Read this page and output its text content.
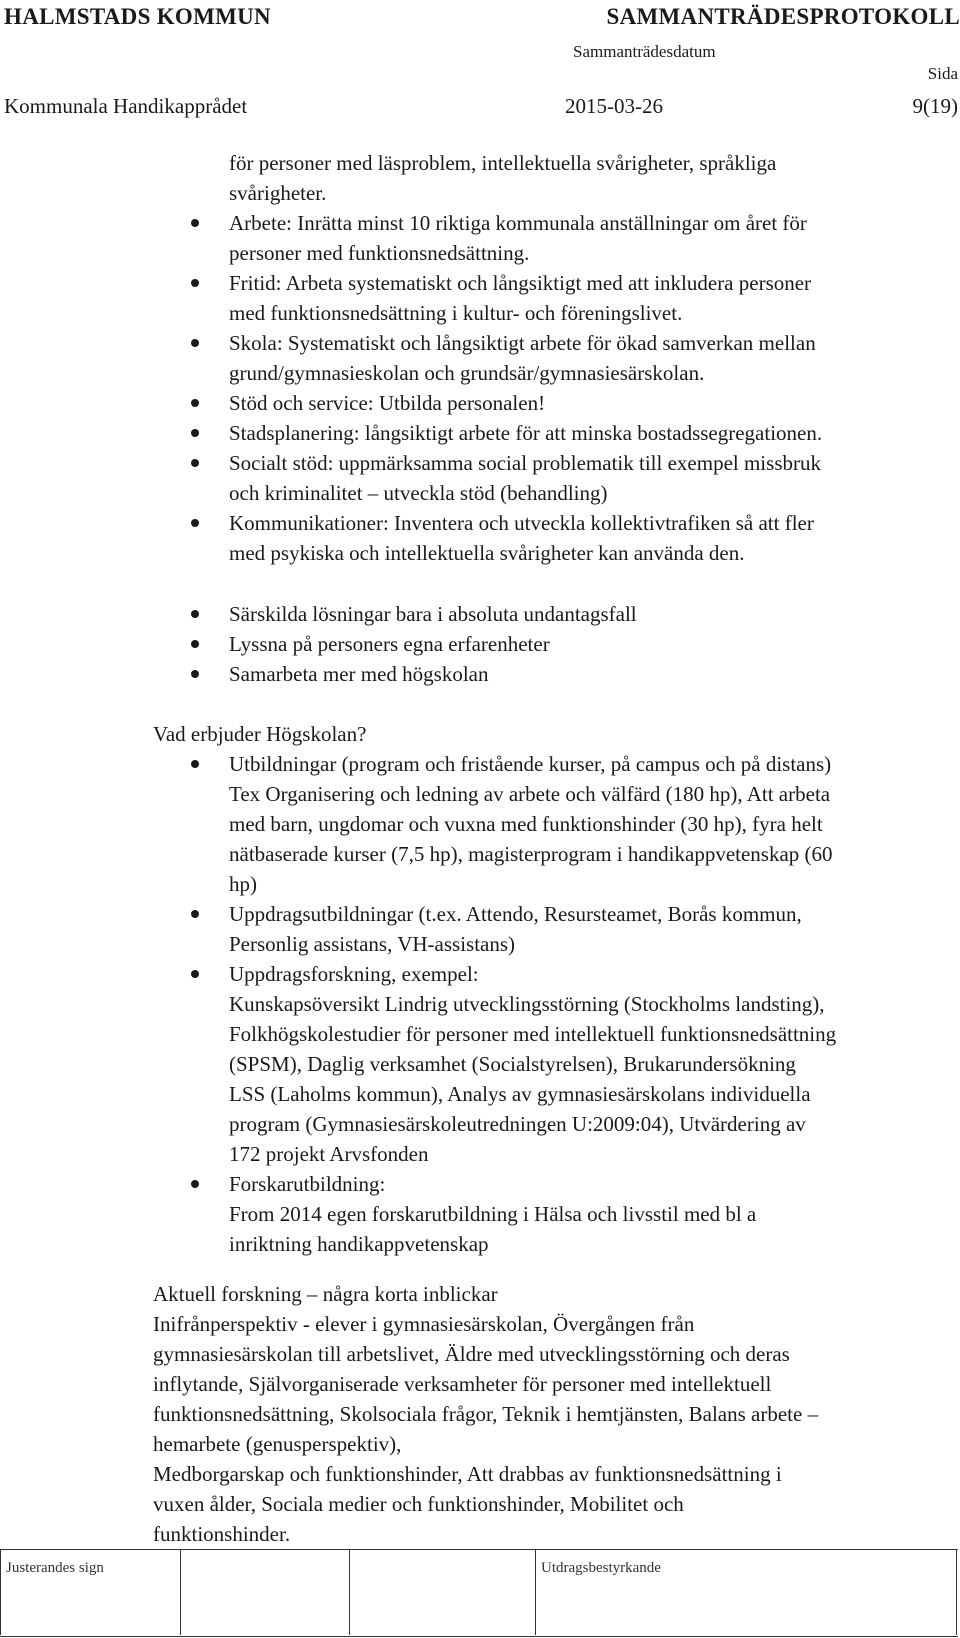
HALMSTADS KOMMUN	SAMMANTRÄDESPROTOKOLL
Sammanträdesdatum
Sida
Kommunala Handikapprådet	2015-03-26	9(19)
för personer med läsproblem, intellektuella svårigheter, språkliga
svårigheter.
Arbete: Inrätta minst 10 riktiga kommunala anställningar om året för
personer med funktionsnedsättning.
Fritid: Arbeta systematiskt och långsiktigt med att inkludera personer
med funktionsnedsättning i kultur- och föreningslivet.
Skola: Systematiskt och långsiktigt arbete för ökad samverkan mellan
grund/gymnasieskolan och grundsär/gymnasiesärskolan.
Stöd och service: Utbilda personalen!
Stadsplanering: långsiktigt arbete för att minska bostadssegregationen.
Socialt stöd: uppmärksamma social problematik till exempel missbruk
och kriminalitet – utveckla stöd (behandling)
Kommunikationer: Inventera och utveckla kollektivtrafiken så att fler
med psykiska och intellektuella svårigheter kan använda den.
Särskilda lösningar bara i absoluta undantagsfall
Lyssna på personers egna erfarenheter
Samarbeta mer med högskolan
Vad erbjuder Högskolan?
Utbildningar (program och fristående kurser, på campus och på distans)
Tex Organisering och ledning av arbete och välfärd (180 hp), Att arbeta
med barn, ungdomar och vuxna med funktionshinder (30 hp), fyra helt
nätbaserade kurser (7,5 hp), magisterprogram i handikappvetenskap (60
hp)
Uppdragsutbildningar (t.ex. Attendo, Resursteamet, Borås kommun,
Personlig assistans, VH-assistans)
Uppdragsforskning, exempel:
Kunskapsöversikt Lindrig utvecklingsstörning (Stockholms landsting),
Folkhögskolestudier för personer med intellektuell funktionsnedsättning
(SPSM), Daglig verksamhet (Socialstyrelsen), Brukarundersökning
LSS (Laholms kommun), Analys av gymnasiesärskolans individuella
program (Gymnasiesärskoleutredningen U:2009:04), Utvärdering av
172 projekt Arvsfonden
Forskarutbildning:
From 2014 egen forskarutbildning i Hälsa och livsstil med bl a
inriktning handikappvetenskap
Aktuell forskning – några korta inblickar
Inifrånperspektiv - elever i gymnasiesärskolan, Övergången från
gymnasiesärskolan till arbetslivet, Äldre med utvecklingsstörning och deras
inflytande, Självorganiserade verksamheter för personer med intellektuell
funktionsnedsättning, Skolsociala frågor, Teknik i hemtjänsten, Balans arbete –
hemarbete (genusperspektiv),
Medborgarskap och funktionshinder, Att drabbas av funktionsnedsättning i
vuxen ålder, Sociala medier och funktionshinder, Mobilitet och
funktionshinder.
Justerandes sign	Utdragsbestyrkande
